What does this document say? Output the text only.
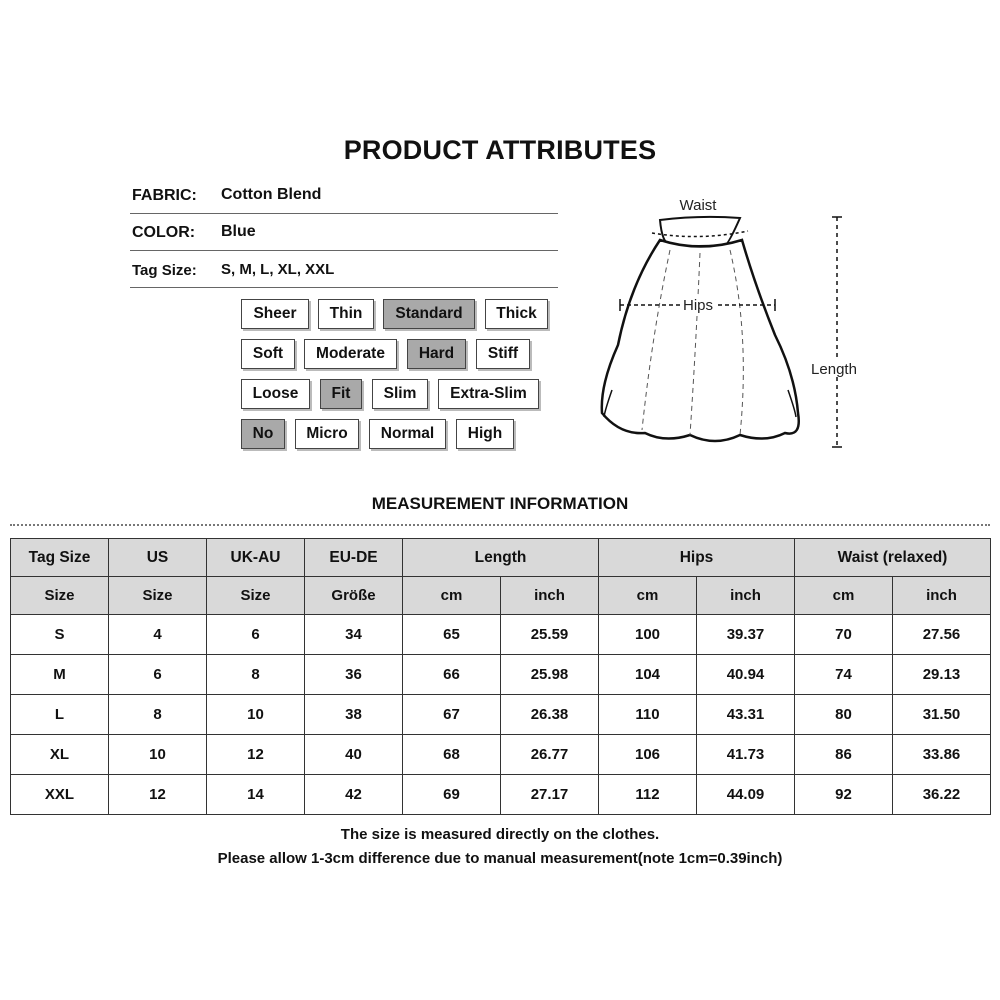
PRODUCT ATTRIBUTES
FABRIC: Cotton Blend
COLOR: Blue
Tag Size: S, M, L, XL, XXL
Sheer	Thin	Standard	Thick
Soft	Moderate	Hard	Stiff
Loose	Fit	Slim	Extra-Slim
No	Micro	Normal	High
Hips
Waist
Length
MEASUREMENT INFORMATION
Tag Size	US	UK-AU	EU-DE	Length		Hips		Waist (relaxed)	
Size	Size	Size	Größe	cm	inch	cm	inch	cm	inch
S	4	6	34	65	25.59	100	39.37	70	27.56
M	6	8	36	66	25.98	104	40.94	74	29.13
L	8	10	38	67	26.38	110	43.31	80	31.50
XL	10	12	40	68	26.77	106	41.73	86	33.86
XXL	12	14	42	69	27.17	112	44.09	92	36.22
The size is measured directly on the clothes.
Please allow 1-3cm difference due to manual measurement(note 1cm=0.39inch)
